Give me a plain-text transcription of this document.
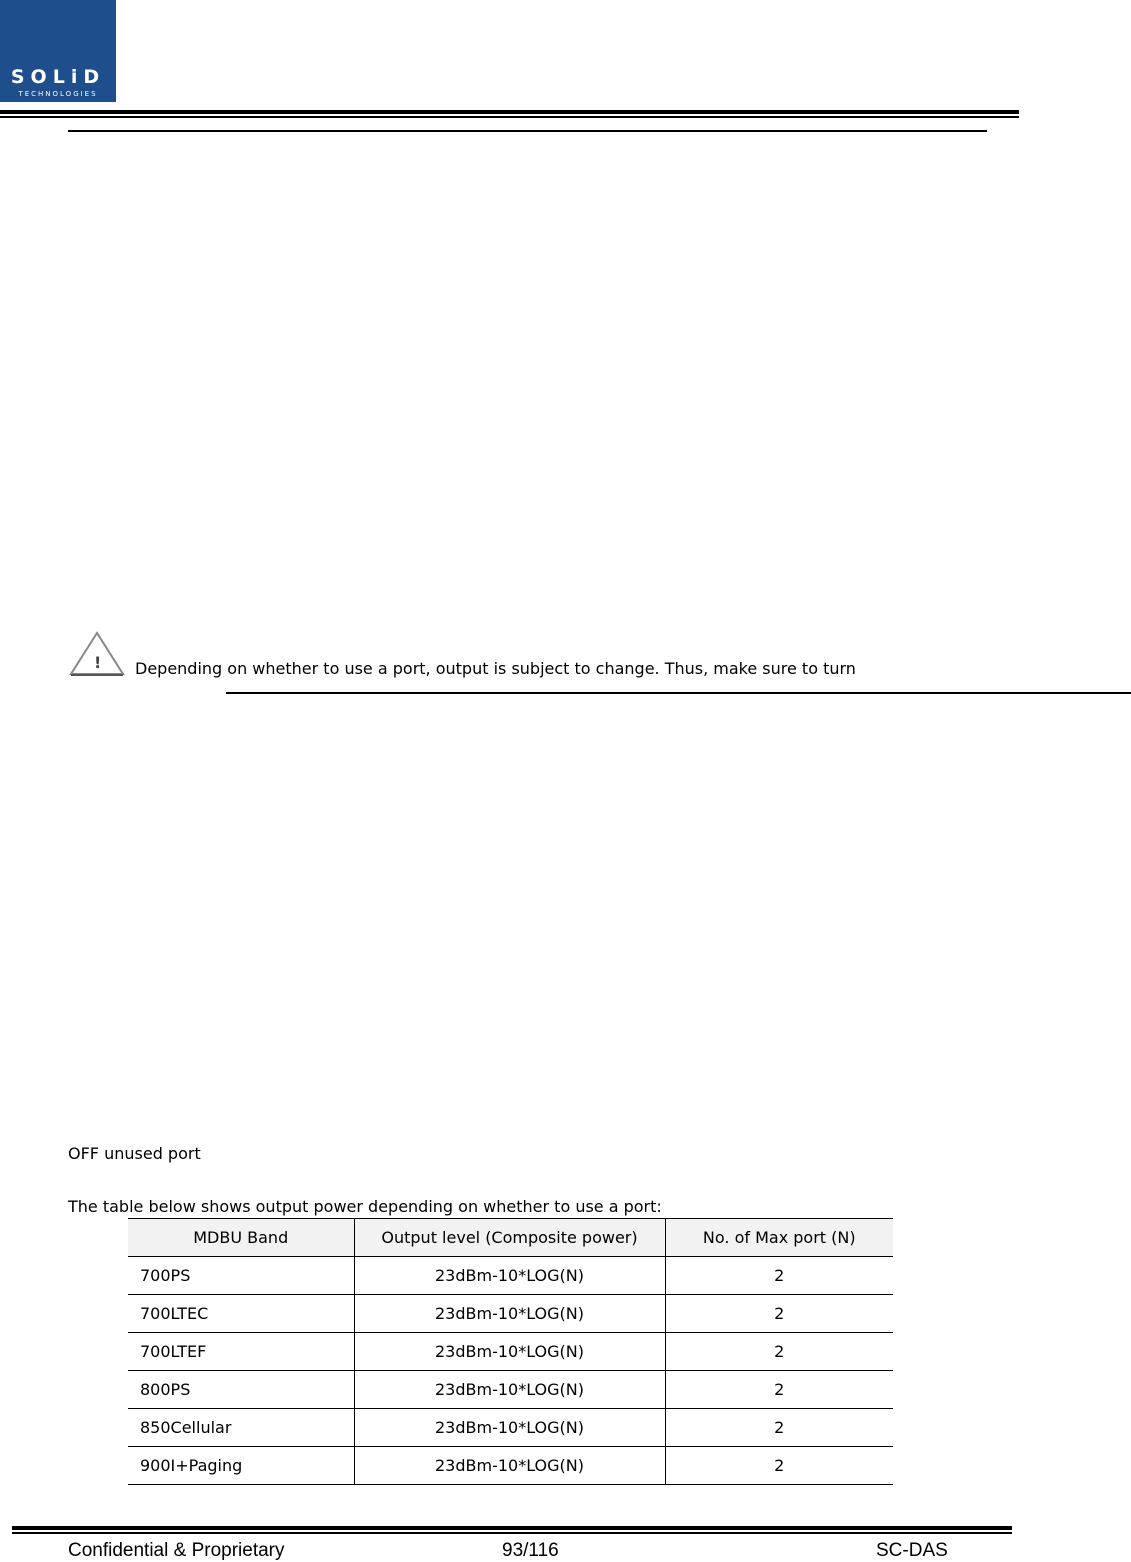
SOLiD
TECHNOLOGIES
! Depending on whether to use a port, output is subject to change. Thus, make sure to turn
OFF unused port
The table below shows output power depending on whether to use a port:
MDBU Band	Output level (Composite power)	No. of Max port (N)
700PS	23dBm-10*LOG(N)	2
700LTEC	23dBm-10*LOG(N)	2
700LTEF	23dBm-10*LOG(N)	2
800PS	23dBm-10*LOG(N)	2
850Cellular	23dBm-10*LOG(N)	2
900I+Paging	23dBm-10*LOG(N)	2
Confidential & Proprietary	93/116	SC-DAS
